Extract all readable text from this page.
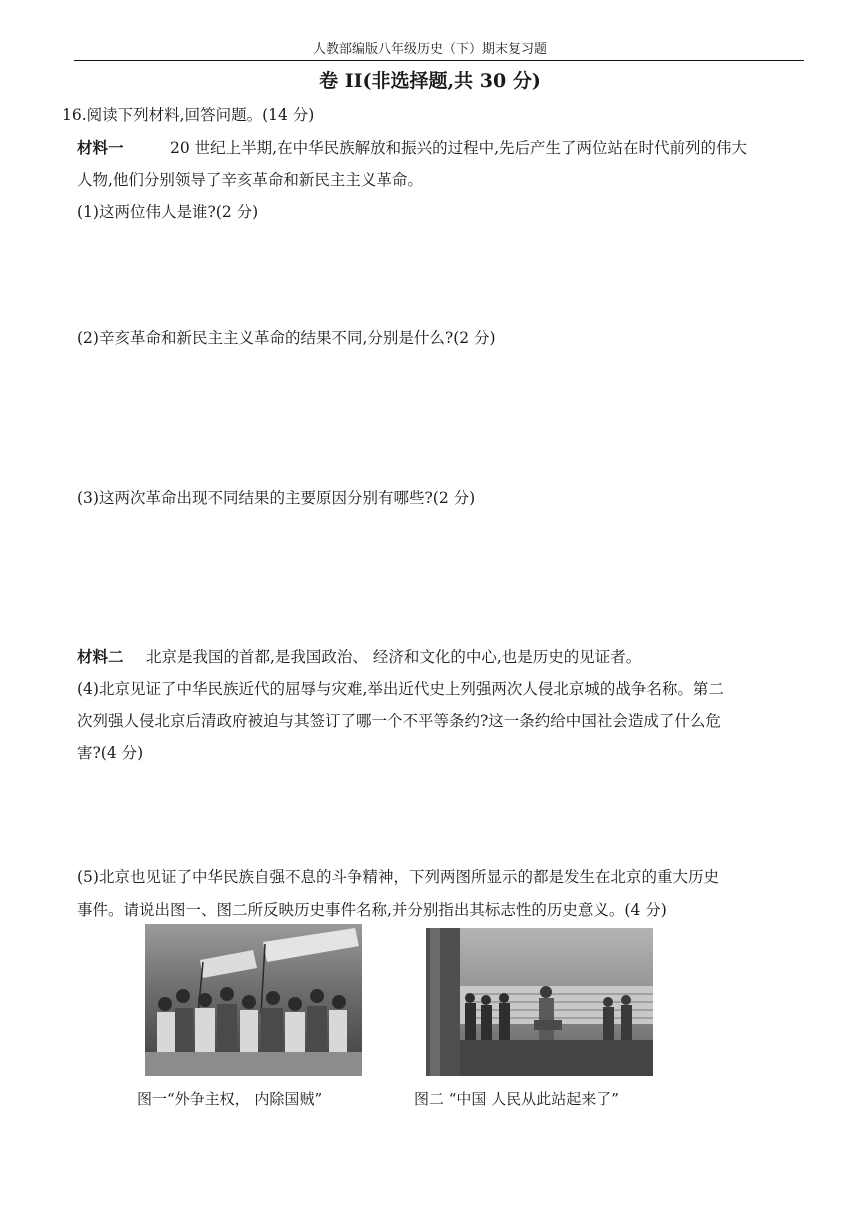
人教部编版八年级历史（下）期末复习题
卷 II(非选择题,共 30 分)
16.阅读下列材料,回答问题。(14 分)
材料一	20 世纪上半期,在中华民族解放和振兴的过程中,先后产生了两位站在时代前列的伟大
人物,他们分别领导了辛亥革命和新民主主义革命。
(1)这两位伟人是谁?(2 分)
(2)辛亥革命和新民主主义革命的结果不同,分别是什么?(2 分)
(3)这两次革命出现不同结果的主要原因分别有哪些?(2 分)
材料二 北京是我国的首都,是我国政治、 经济和文化的中心,也是历史的见证者。
(4)北京见证了中华民族近代的屈辱与灾难,举出近代史上列强两次人侵北京城的战争名称。第二
次列强人侵北京后清政府被迫与其签订了哪一个不平等条约?这一条约给中国社会造成了什么危
害?(4 分)
(5)北京也见证了中华民族自强不息的斗争精神，下列两图所显示的都是发生在北京的重大历史
事件。请说出图一、图二所反映历史事件名称,并分别指出其标志性的历史意义。(4 分)
图一“外争主权， 内除国贼”	图二 “中国 人民从此站起来了”
